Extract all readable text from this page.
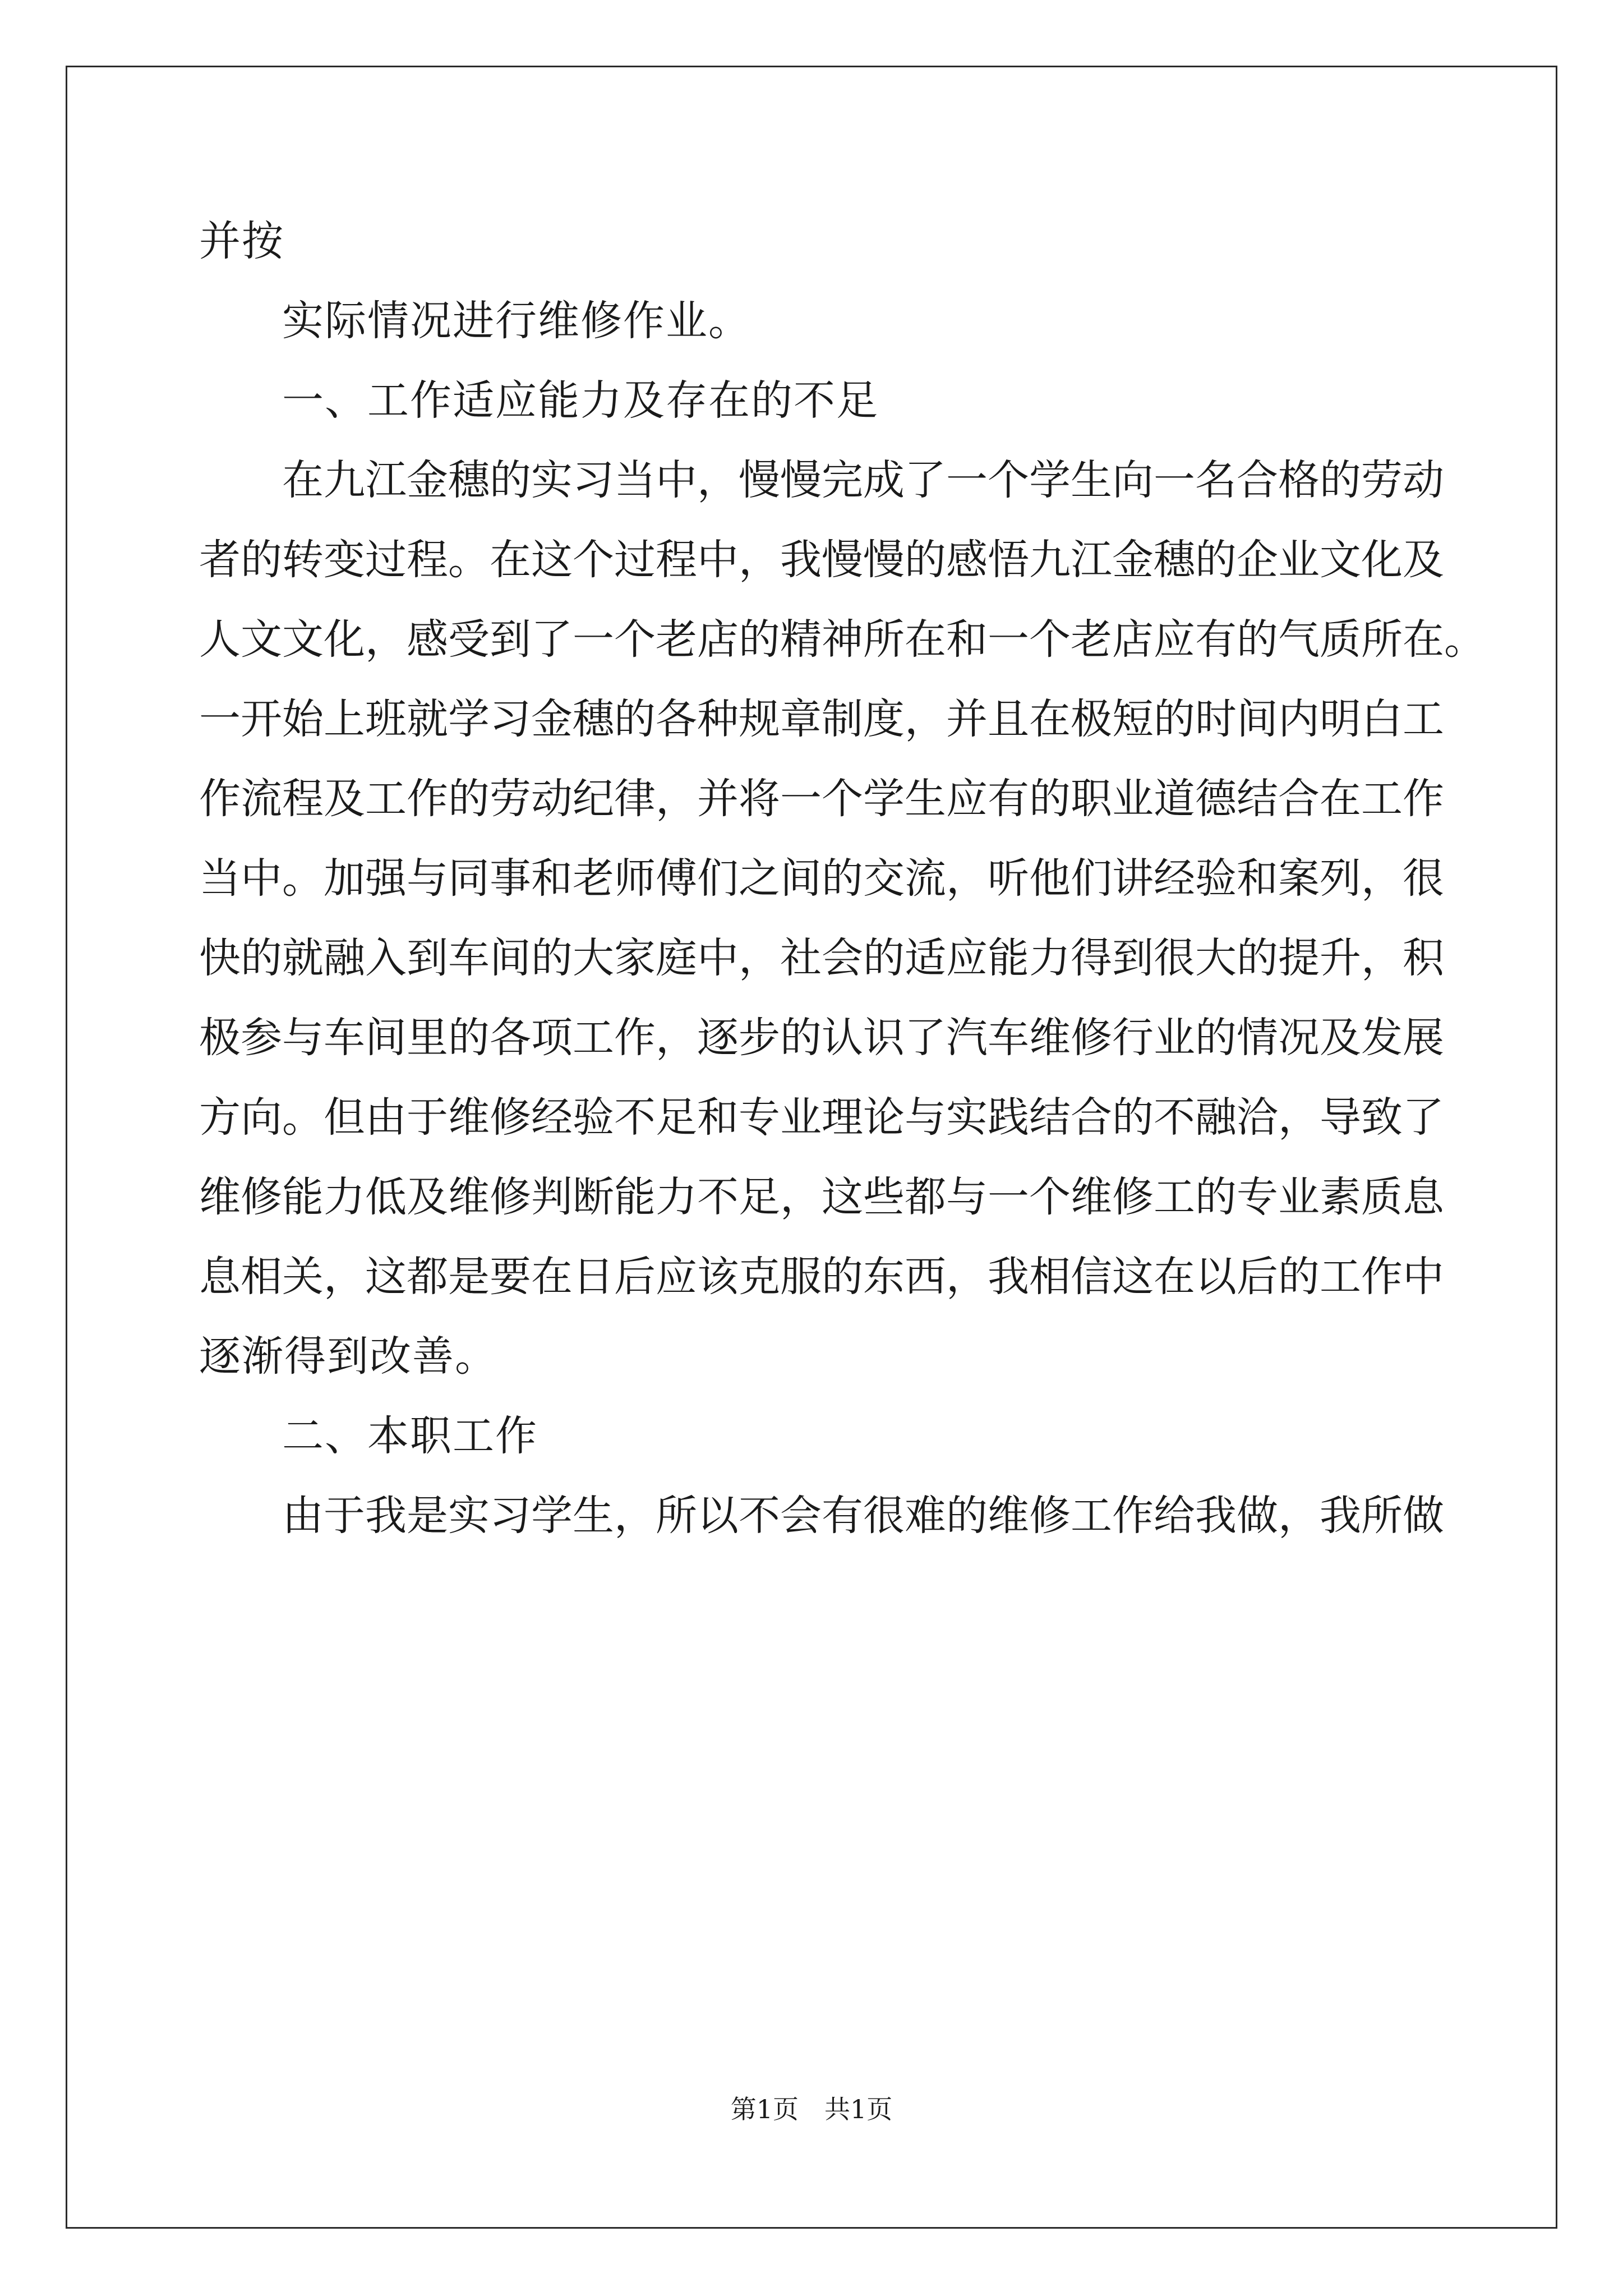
并按
实际情况进行维修作业。
一、工作适应能力及存在的不足
在九江金穗的实习当中，慢慢完成了一个学生向一名合格的劳动
者的转变过程。在这个过程中，我慢慢的感悟九江金穗的企业文化及
人文文化，感受到了一个老店的精神所在和一个老店应有的气质所在。
一开始上班就学习金穗的各种规章制度，并且在极短的时间内明白工
作流程及工作的劳动纪律，并将一个学生应有的职业道德结合在工作
当中。加强与同事和老师傅们之间的交流，听他们讲经验和案列，很
快的就融入到车间的大家庭中，社会的适应能力得到很大的提升，积
极参与车间里的各项工作，逐步的认识了汽车维修行业的情况及发展
方向。但由于维修经验不足和专业理论与实践结合的不融洽，导致了
维修能力低及维修判断能力不足，这些都与一个维修工的专业素质息
息相关，这都是要在日后应该克服的东西，我相信这在以后的工作中
逐渐得到改善。
二、本职工作
由于我是实习学生，所以不会有很难的维修工作给我做，我所做
第1页　共1页
